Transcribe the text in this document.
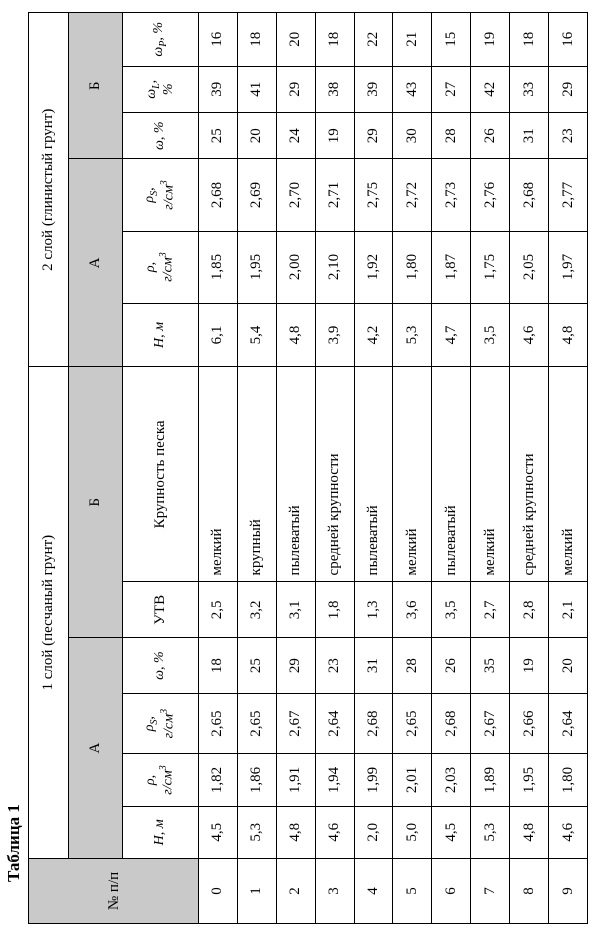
Таблица 1
№ п/п	1 слой (песчаный грунт)						2 слой (глинистый грунт)					
	А				Б		А			Б		
	H, м	ρ, $г/см^3$	$\rho_S$, $г/см^3$	ω, %	УТВ	Крупность песка	H, м	ρ, $г/см^3$	$\rho_S$, $г/см^3$	ω, %	$\omega_L$,
%	$\omega_P$, %
0	4,5	1,82	2,65	18	2,5	мелкий	6,1	1,85	2,68	25	39	16
1	5,3	1,86	2,65	25	3,2	крупный	5,4	1,95	2,69	20	41	18
2	4,8	1,91	2,67	29	3,1	пылеватый	4,8	2,00	2,70	24	29	20
3	4,6	1,94	2,64	23	1,8	средней крупности	3,9	2,10	2,71	19	38	18
4	2,0	1,99	2,68	31	1,3	пылеватый	4,2	1,92	2,75	29	39	22
5	5,0	2,01	2,65	28	3,6	мелкий	5,3	1,80	2,72	30	43	21
6	4,5	2,03	2,68	26	3,5	пылеватый	4,7	1,87	2,73	28	27	15
7	5,3	1,89	2,67	35	2,7	мелкий	3,5	1,75	2,76	26	42	19
8	4,8	1,95	2,66	19	2,8	средней крупности	4,6	2,05	2,68	31	33	18
9	4,6	1,80	2,64	20	2,1	мелкий	4,8	1,97	2,77	23	29	16
